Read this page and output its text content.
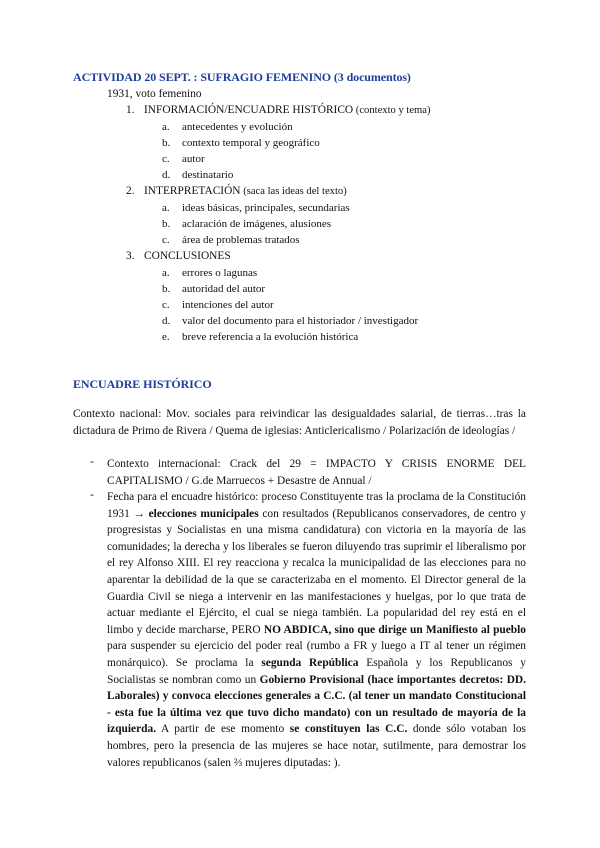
ACTIVIDAD 20 SEPT. : SUFRAGIO FEMENINO (3 documentos)
1931, voto femenino
1. INFORMACIÓN/ENCUADRE HISTÓRICO (contexto y tema)
a. antecedentes y evolución
b. contexto temporal y geográfico
c. autor
d. destinatario
2. INTERPRETACIÓN (saca las ideas del texto)
a. ideas básicas, principales, secundarias
b. aclaración de imágenes, alusiones
c. área de problemas tratados
3. CONCLUSIONES
a. errores o lagunas
b. autoridad del autor
c. intenciones del autor
d. valor del documento para el historiador / investigador
e. breve referencia a la evolución histórica
ENCUADRE HISTÓRICO
Contexto nacional: Mov. sociales para reivindicar las desigualdades salarial, de tierras…tras la dictadura de Primo de Rivera / Quema de iglesias: Anticlericalismo / Polarización de ideologías /
- Contexto internacional: Crack del 29 = IMPACTO Y CRISIS ENORME DEL CAPITALISMO / G.de Marruecos + Desastre de Annual /
- Fecha para el encuadre histórico: proceso Constituyente tras la proclama de la Constitución 1931 → elecciones municipales con resultados (Republicanos conservadores, de centro y progresistas y Socialistas en una misma candidatura) con victoria en la mayoría de las comunidades; la derecha y los liberales se fueron diluyendo tras suprimir el liberalismo por el rey Alfonso XIII. El rey reacciona y recalca la municipalidad de las elecciones para no aparentar la debilidad de la que se caracterizaba en el momento. El Director general de la Guardia Civil se niega a intervenir en las manifestaciones y huelgas, por lo que trata de actuar mediante el Ejército, el cual se niega también. La popularidad del rey está en el limbo y decide marcharse, PERO NO ABDICA, sino que dirige un Manifiesto al pueblo para suspender su ejercicio del poder real (rumbo a FR y luego a IT al tener un régimen monárquico). Se proclama la segunda República Española y los Republicanos y Socialistas se nombran como un Gobierno Provisional (hace importantes decretos: DD. Laborales) y convoca elecciones generales a C.C. (al tener un mandato Constitucional - esta fue la última vez que tuvo dicho mandato) con un resultado de mayoría de la izquierda. A partir de ese momento se constituyen las C.C. donde sólo votaban los hombres, pero la presencia de las mujeres se hace notar, sutilmente, para demostrar los valores republicanos (salen ⅔ mujeres diputadas: ).
